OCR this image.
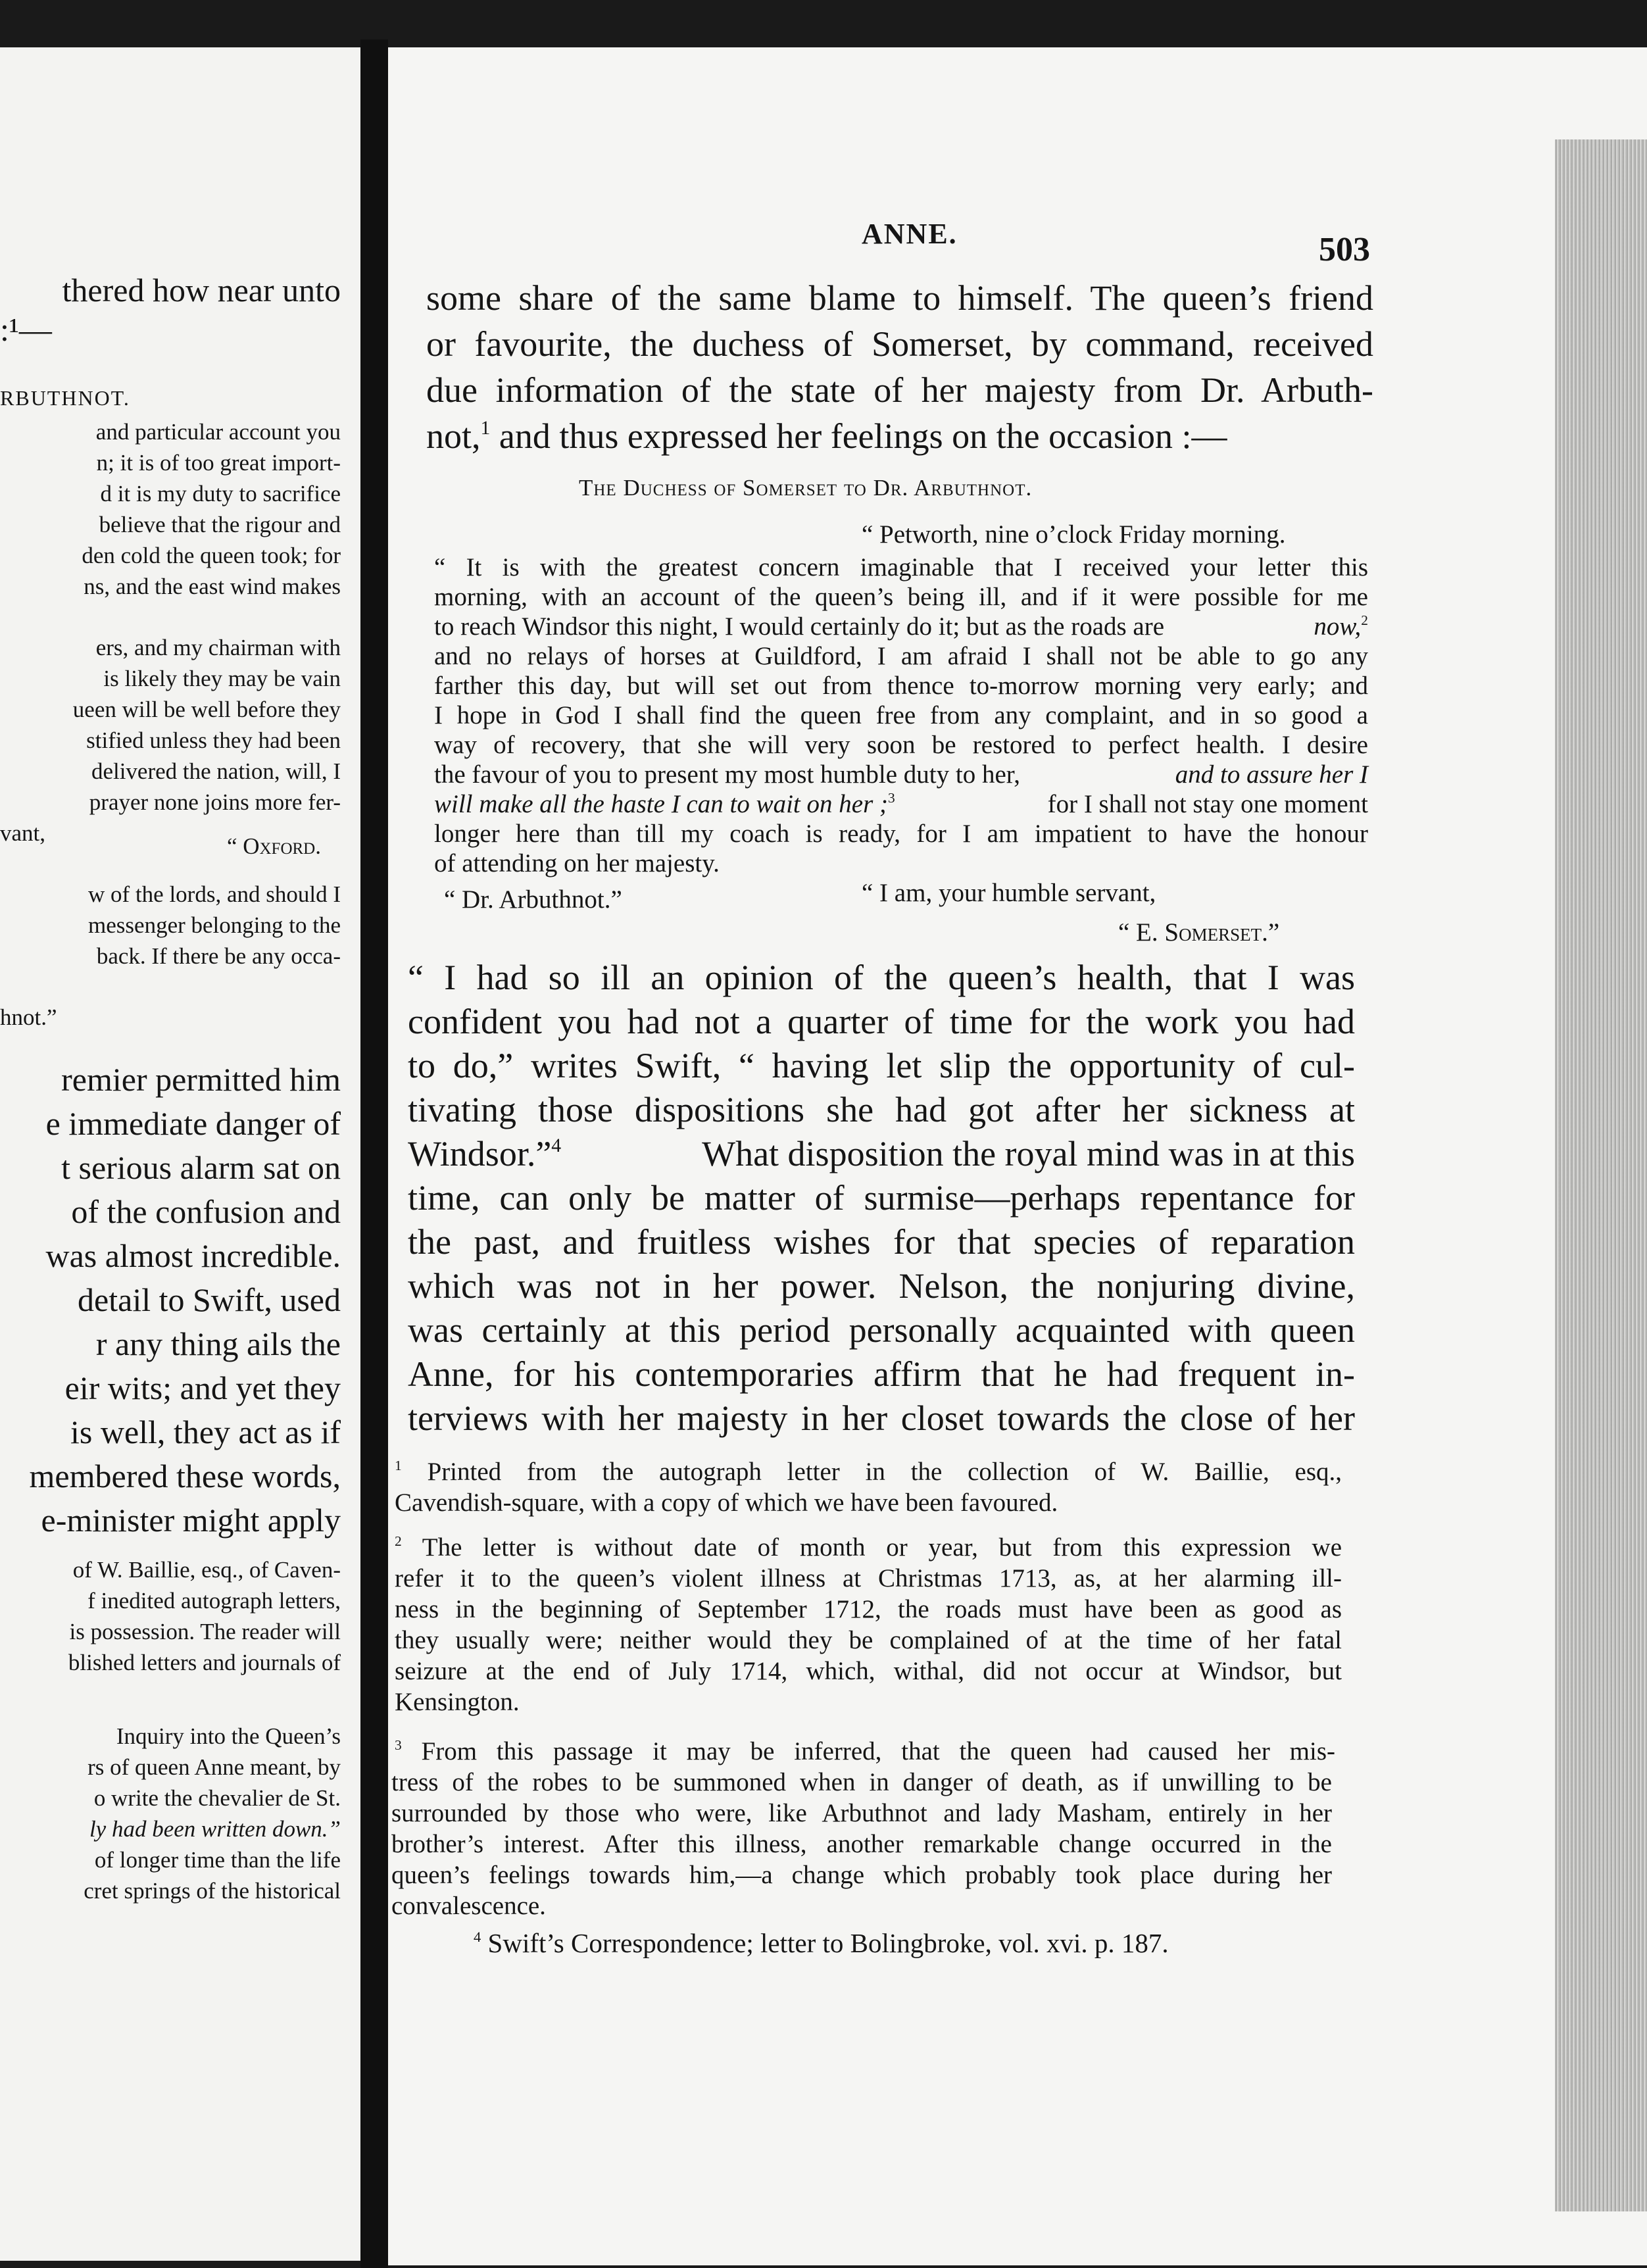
thered how near unto
:¹—
RBUTHNOT.
and particular account you
n; it is of too great import-
d it is my duty to sacrifice
believe that the rigour and
den cold the queen took; for
ns, and the east wind makes
ers, and my chairman with
is likely they may be vain
ueen will be well before they
stified unless they had been
delivered the nation, will, I
prayer none joins more fer-
vant,
“ Oxford.
w of the lords, and should I
messenger belonging to the
back. If there be any occa-
hnot.”
remier permitted him
e immediate danger of
t serious alarm sat on
of the confusion and
was almost incredible.
detail to Swift, used
r any thing ails the
eir wits; and yet they
is well, they act as if
membered these words,
e-minister might apply
of W. Baillie, esq., of Caven-
f inedited autograph letters,
is possession. The reader will
blished letters and journals of
Inquiry into the Queen’s
rs of queen Anne meant, by
o write the chevalier de St.
ly had been written down.”
of longer time than the life
cret springs of the historical
ANNE.	503
some share of the same blame to himself. The queen’s friend
or favourite, the duchess of Somerset, by command, received
due information of the state of her majesty from Dr. Arbuth-
not,$^1$ and thus expressed her feelings on the occasion :—
The Duchess of Somerset to Dr. Arbuthnot.
“ Petworth, nine o’clock Friday morning.
“ It is with the greatest concern imaginable that I received your letter this
morning, with an account of the queen’s being ill, and if it were possible for me
to reach Windsor this night, I would certainly do it; but as the roads are	now,$^2$
and no relays of horses at Guildford, I am afraid I shall not be able to go any
farther this day, but will set out from thence to-morrow morning very early; and
I hope in God I shall find the queen free from any complaint, and in so good a
way of recovery, that she will very soon be restored to perfect health. I desire
the favour of you to present my most humble duty to her,	and to assure her I
will make all the haste I can to wait on her ;$^3$	for I shall not stay one moment
longer here than till my coach is ready, for I am impatient to have the honour
of attending on her majesty.
“ Dr. Arbuthnot.”	“ I am, your humble servant,
“ E. Somerset.”
“ I had so ill an opinion of the queen’s health, that I was
confident you had not a quarter of time for the work you had
to do,” writes Swift, “ having let slip the opportunity of cul-
tivating those dispositions she had got after her sickness at
Windsor.”$^4$	What disposition the royal mind was in at this
time, can only be matter of surmise—perhaps repentance for
the past, and fruitless wishes for that species of reparation
which was not in her power. Nelson, the nonjuring divine,
was certainly at this period personally acquainted with queen
Anne, for his contemporaries affirm that he had frequent in-
terviews with her majesty in her closet towards the close of her
$^1$ Printed from the autograph letter in the collection of W. Baillie, esq.,
Cavendish-square, with a copy of which we have been favoured.
$^2$ The letter is without date of month or year, but from this expression we
refer it to the queen’s violent illness at Christmas 1713, as, at her alarming ill-
ness in the beginning of September 1712, the roads must have been as good as
they usually were; neither would they be complained of at the time of her fatal
seizure at the end of July 1714, which, withal, did not occur at Windsor, but
Kensington.
$^3$ From this passage it may be inferred, that the queen had caused her mis-
tress of the robes to be summoned when in danger of death, as if unwilling to be
surrounded by those who were, like Arbuthnot and lady Masham, entirely in her
brother’s interest. After this illness, another remarkable change occurred in the
queen’s feelings towards him,—a change which probably took place during her
convalescence.
$^4$ Swift’s Correspondence; letter to Bolingbroke, vol. xvi. p. 187.
